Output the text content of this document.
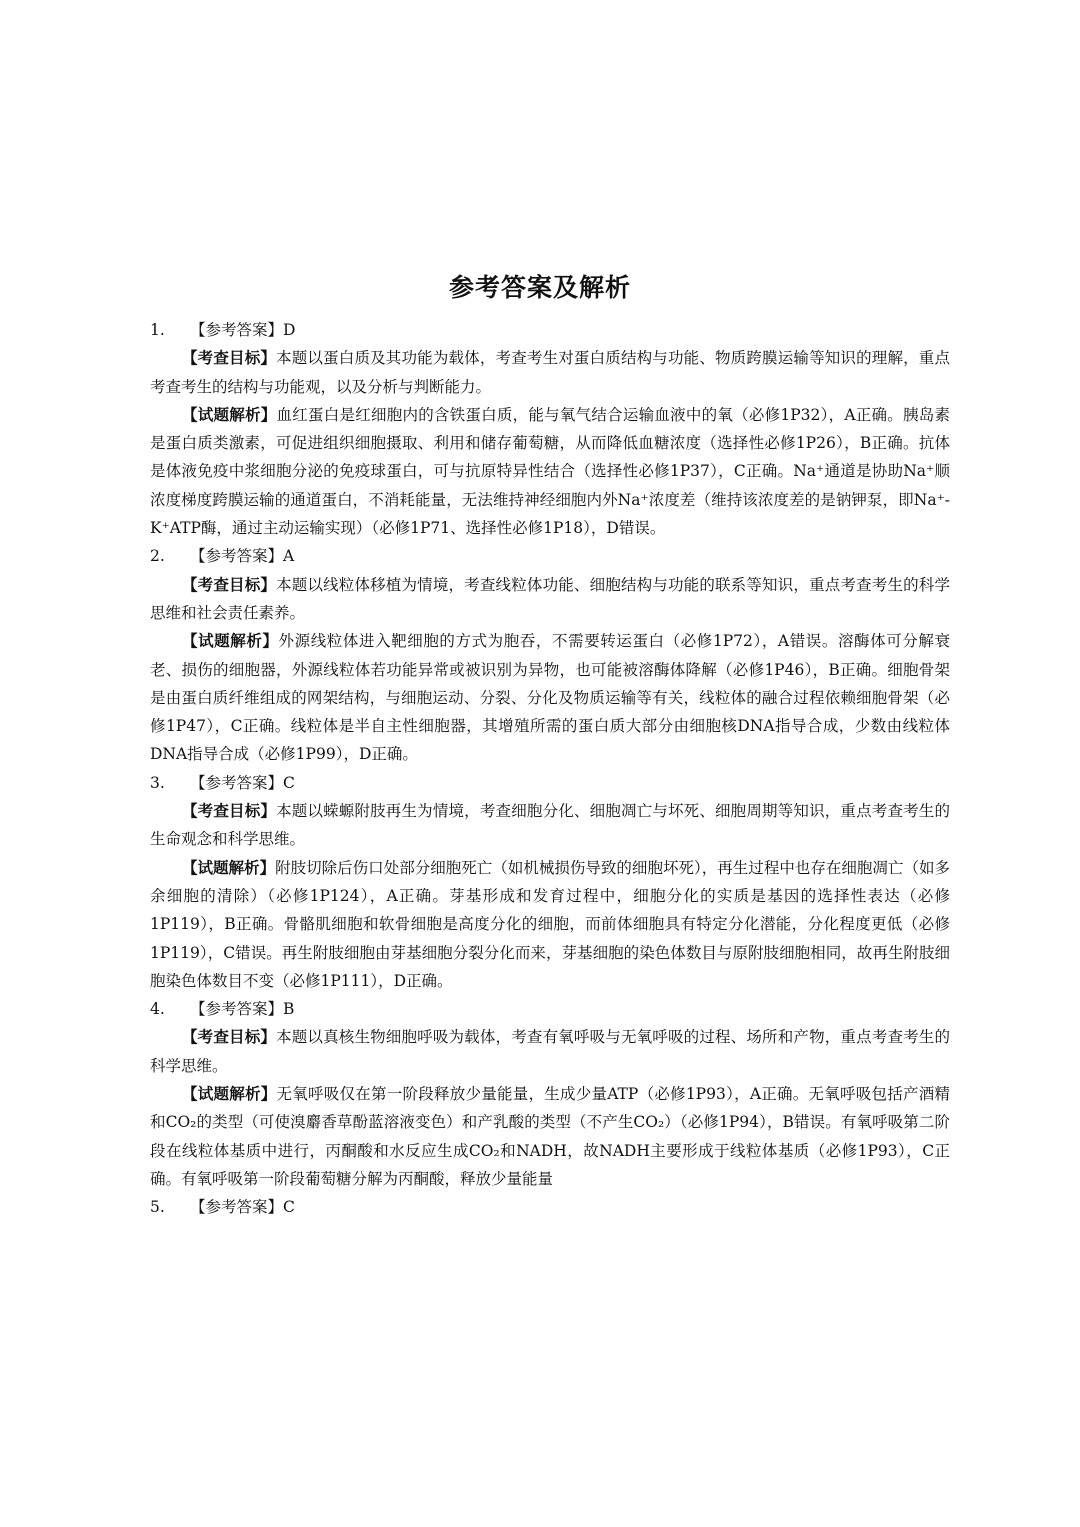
参考答案及解析
1. 【参考答案】D
【考查目标】本题以蛋白质及其功能为载体，考查考生对蛋白质结构与功能、物质跨膜运输等知识的理解，重点考查考生的结构与功能观，以及分析与判断能力。
【试题解析】血红蛋白是红细胞内的含铁蛋白质，能与氧气结合运输血液中的氧（必修1P32），A正确。胰岛素是蛋白质类激素，可促进组织细胞摄取、利用和储存葡萄糖，从而降低血糖浓度（选择性必修1P26），B正确。抗体是体液免疫中浆细胞分泌的免疫球蛋白，可与抗原特异性结合（选择性必修1P37），C正确。Na⁺通道是协助Na⁺顺浓度梯度跨膜运输的通道蛋白，不消耗能量，无法维持神经细胞内外Na⁺浓度差（维持该浓度差的是钠钾泵，即Na⁺-K⁺ATP酶，通过主动运输实现）（必修1P71、选择性必修1P18），D错误。
2. 【参考答案】A
【考查目标】本题以线粒体移植为情境，考查线粒体功能、细胞结构与功能的联系等知识，重点考查考生的科学思维和社会责任素养。
【试题解析】外源线粒体进入靶细胞的方式为胞吞，不需要转运蛋白（必修1P72），A错误。溶酶体可分解衰老、损伤的细胞器，外源线粒体若功能异常或被识别为异物，也可能被溶酶体降解（必修1P46），B正确。细胞骨架是由蛋白质纤维组成的网架结构，与细胞运动、分裂、分化及物质运输等有关，线粒体的融合过程依赖细胞骨架（必修1P47），C正确。线粒体是半自主性细胞器，其增殖所需的蛋白质大部分由细胞核DNA指导合成，少数由线粒体DNA指导合成（必修1P99），D正确。
3. 【参考答案】C
【考查目标】本题以蝾螈附肢再生为情境，考查细胞分化、细胞凋亡与坏死、细胞周期等知识，重点考查考生的生命观念和科学思维。
【试题解析】附肢切除后伤口处部分细胞死亡（如机械损伤导致的细胞坏死），再生过程中也存在细胞凋亡（如多余细胞的清除）（必修1P124），A正确。芽基形成和发育过程中，细胞分化的实质是基因的选择性表达（必修1P119），B正确。骨骼肌细胞和软骨细胞是高度分化的细胞，而前体细胞具有特定分化潜能，分化程度更低（必修1P119），C错误。再生附肢细胞由芽基细胞分裂分化而来，芽基细胞的染色体数目与原附肢细胞相同，故再生附肢细胞染色体数目不变（必修1P111），D正确。
4. 【参考答案】B
【考查目标】本题以真核生物细胞呼吸为载体，考查有氧呼吸与无氧呼吸的过程、场所和产物，重点考查考生的科学思维。
【试题解析】无氧呼吸仅在第一阶段释放少量能量，生成少量ATP（必修1P93），A正确。无氧呼吸包括产酒精和CO₂的类型（可使溴麝香草酚蓝溶液变色）和产乳酸的类型（不产生CO₂）（必修1P94），B错误。有氧呼吸第二阶段在线粒体基质中进行，丙酮酸和水反应生成CO₂和NADH，故NADH主要形成于线粒体基质（必修1P93），C正确。有氧呼吸第一阶段葡萄糖分解为丙酮酸，释放少量能量
5. 【参考答案】C
